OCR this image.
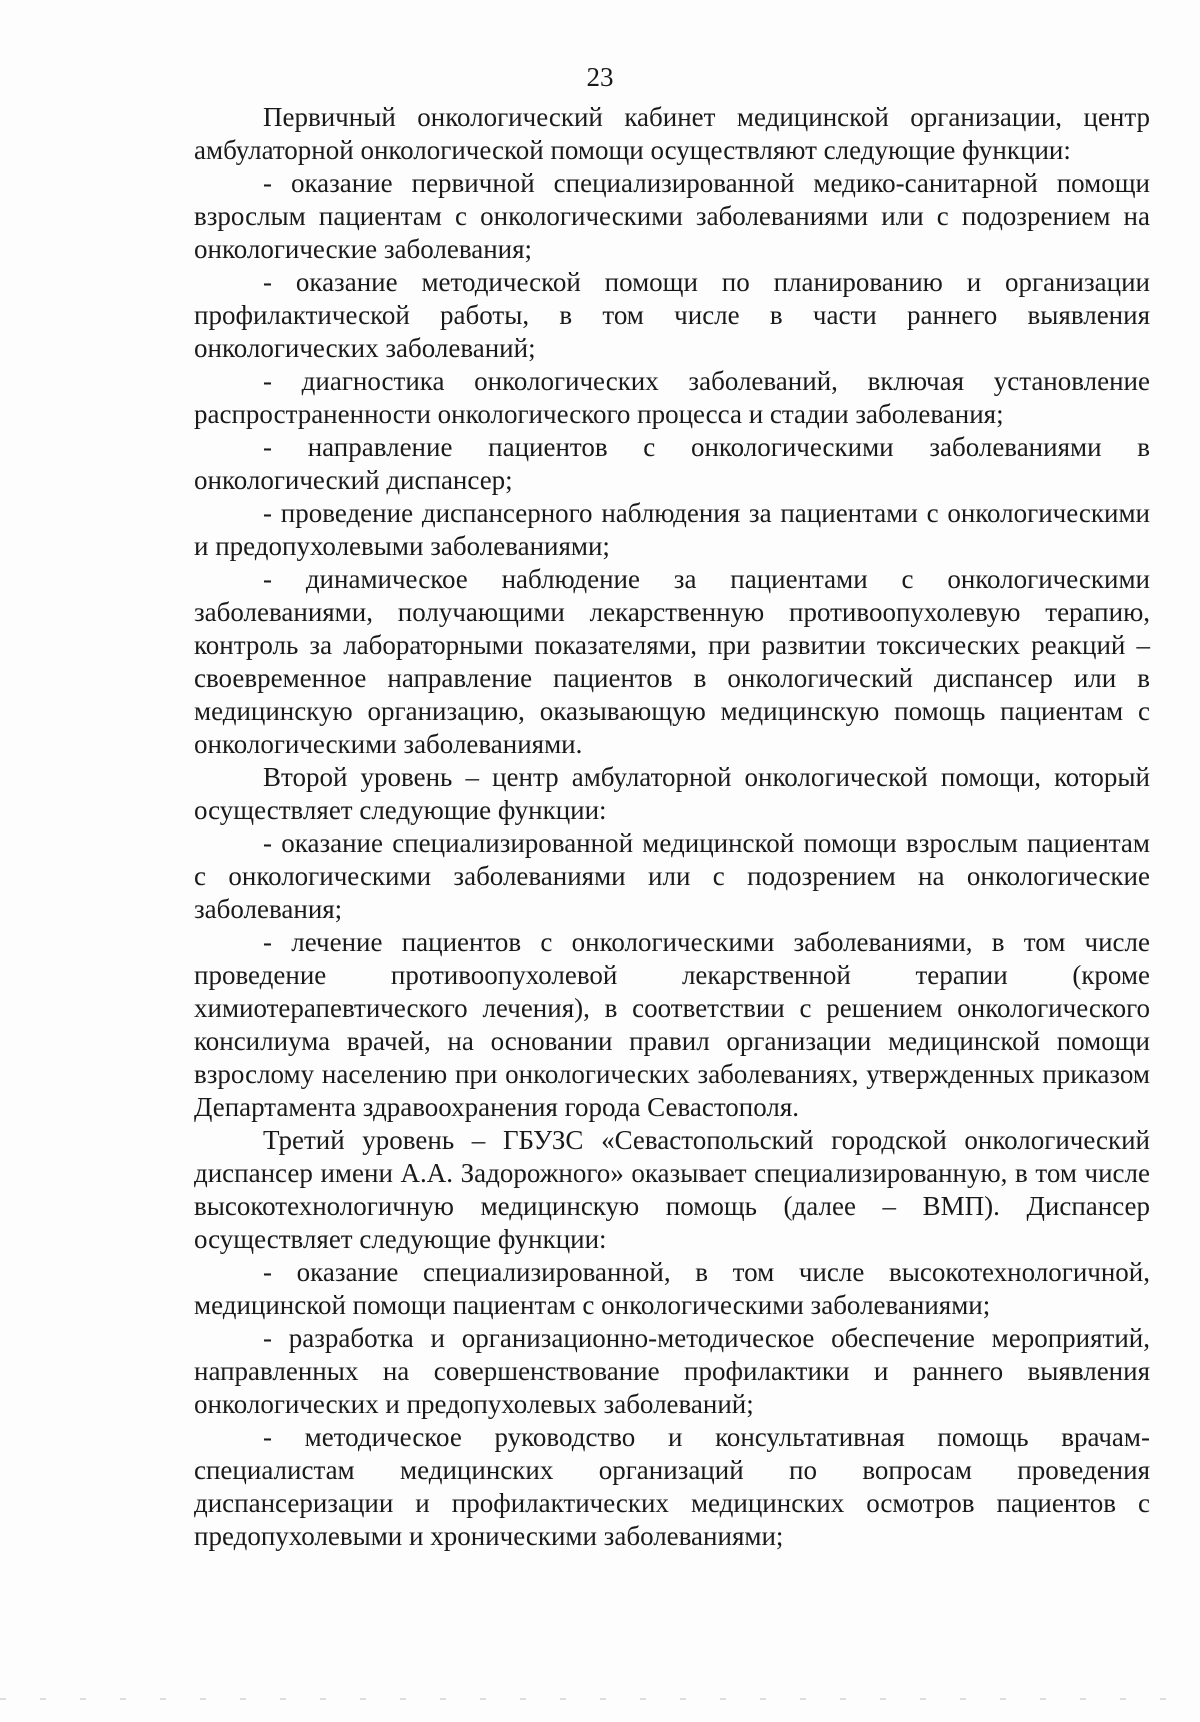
23

Первичный онкологический кабинет медицинской организации, центр амбулаторной онкологической помощи осуществляют следующие функции:

- оказание первичной специализированной медико-санитарной помощи взрослым пациентам с онкологическими заболеваниями или с подозрением на онкологические заболевания;

- оказание методической помощи по планированию и организации профилактической работы, в том числе в части раннего выявления онкологических заболеваний;

- диагностика онкологических заболеваний, включая установление распространенности онкологического процесса и стадии заболевания;

- направление пациентов с онкологическими заболеваниями в онкологический диспансер;

- проведение диспансерного наблюдения за пациентами с онкологическими и предопухолевыми заболеваниями;

- динамическое наблюдение за пациентами с онкологическими заболеваниями, получающими лекарственную противоопухолевую терапию, контроль за лабораторными показателями, при развитии токсических реакций – своевременное направление пациентов в онкологический диспансер или в медицинскую организацию, оказывающую медицинскую помощь пациентам с онкологическими заболеваниями.

Второй уровень – центр амбулаторной онкологической помощи, который осуществляет следующие функции:

- оказание специализированной медицинской помощи взрослым пациентам с онкологическими заболеваниями или с подозрением на онкологические заболевания;

- лечение пациентов с онкологическими заболеваниями, в том числе проведение противоопухолевой лекарственной терапии (кроме химиотерапевтического лечения), в соответствии с решением онкологического консилиума врачей, на основании правил организации медицинской помощи взрослому населению при онкологических заболеваниях, утвержденных приказом Департамента здравоохранения города Севастополя.

Третий уровень – ГБУЗС «Севастопольский городской онкологический диспансер имени А.А. Задорожного» оказывает специализированную, в том числе высокотехнологичную медицинскую помощь (далее – ВМП). Диспансер осуществляет следующие функции:

- оказание специализированной, в том числе высокотехнологичной, медицинской помощи пациентам с онкологическими заболеваниями;

- разработка и организационно-методическое обеспечение мероприятий, направленных на совершенствование профилактики и раннего выявления онкологических и предопухолевых заболеваний;

- методическое руководство и консультативная помощь врачам-специалистам медицинских организаций по вопросам проведения диспансеризации и профилактических медицинских осмотров пациентов с предопухолевыми и хроническими заболеваниями;
